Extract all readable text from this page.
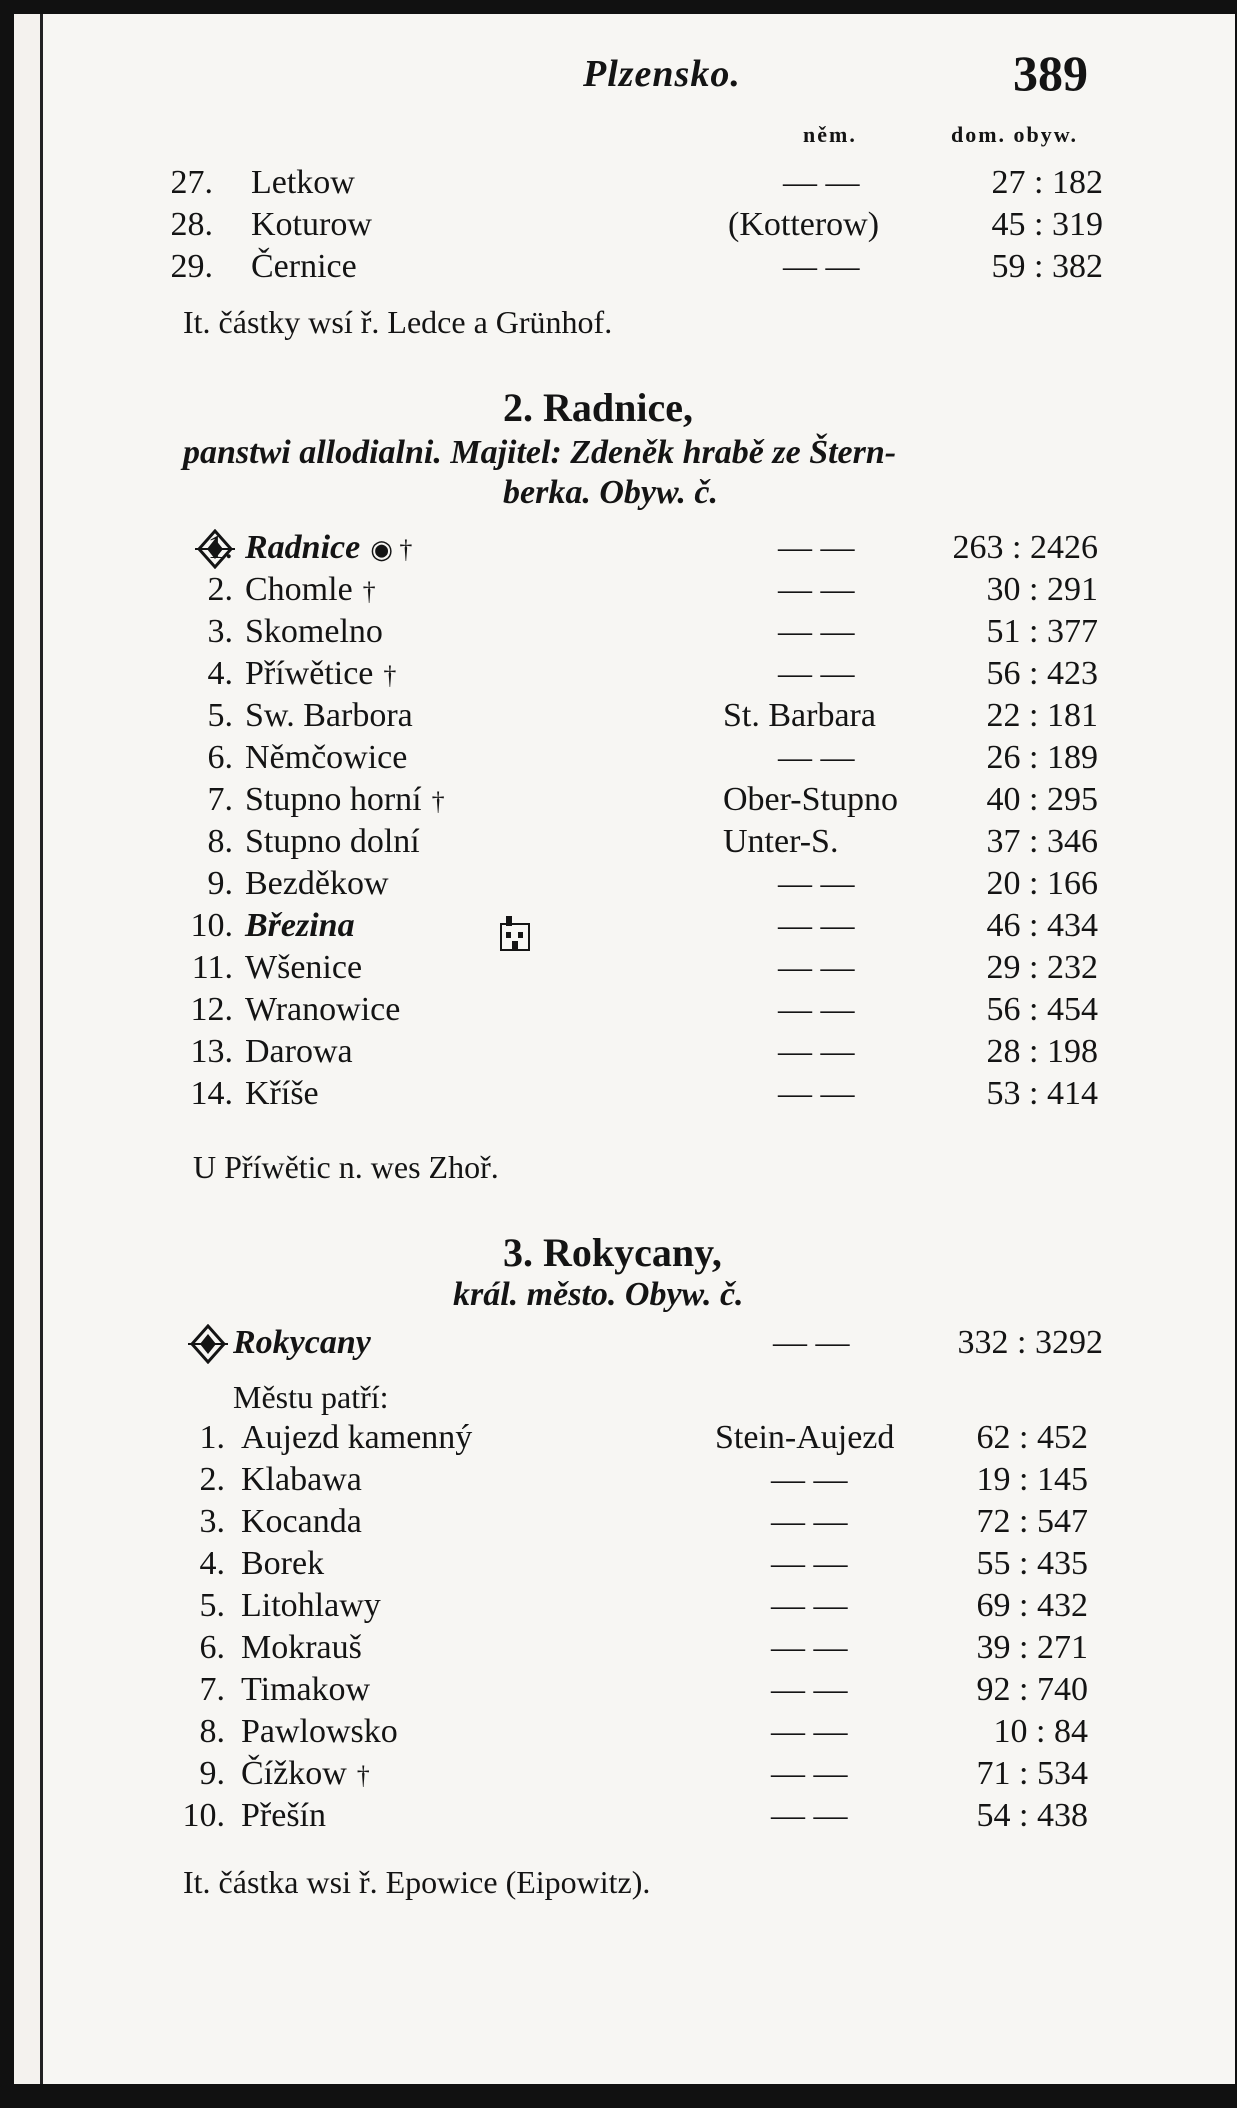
Plzensko.	389
něm.	dom. obyw.
27. Letkow	— —	27 : 182
28. Koturow	(Kotterow)	45 : 319
29. Černice	— —	59 : 382
It. částky wsí ř. Ledce a Grünhof.
2. Radnice,
panstwi allodialni. Majitel: Zdeněk hrabě ze Štern-
berka. Obyw. č.
1. Radnice ◉ †	— —	263 : 2426
2. Chomle †	— —	30 : 291
3. Skomelno	— —	51 : 377
4. Příwětice †	— —	56 : 423
5. Sw. Barbora	St. Barbara	22 : 181
6. Němčowice	— —	26 : 189
7. Stupno horní †	Ober-Stupno	40 : 295
8. Stupno dolní	Unter-S.	37 : 346
9. Bezděkow	— —	20 : 166
10. Březina	— —	46 : 434
11. Wšenice	— —	29 : 232
12. Wranowice	— —	56 : 454
13. Darowa	— —	28 : 198
14. Kříše	— —	53 : 414
U Příwětic n. wes Zhoř.
3. Rokycany,
král. město. Obyw. č.
Rokycany	— —	332 : 3292
Městu patří:
1. Aujezd kamenný	Stein-Aujezd	62 : 452
2. Klabawa	— —	19 : 145
3. Kocanda	— —	72 : 547
4. Borek	— —	55 : 435
5. Litohlawy	— —	69 : 432
6. Mokrauš	— —	39 : 271
7. Timakow	— —	92 : 740
8. Pawlowsko	— —	10 : 84
9. Čížkow †	— —	71 : 534
10. Přešín	— —	54 : 438
It. částka wsi ř. Epowice (Eipowitz).
